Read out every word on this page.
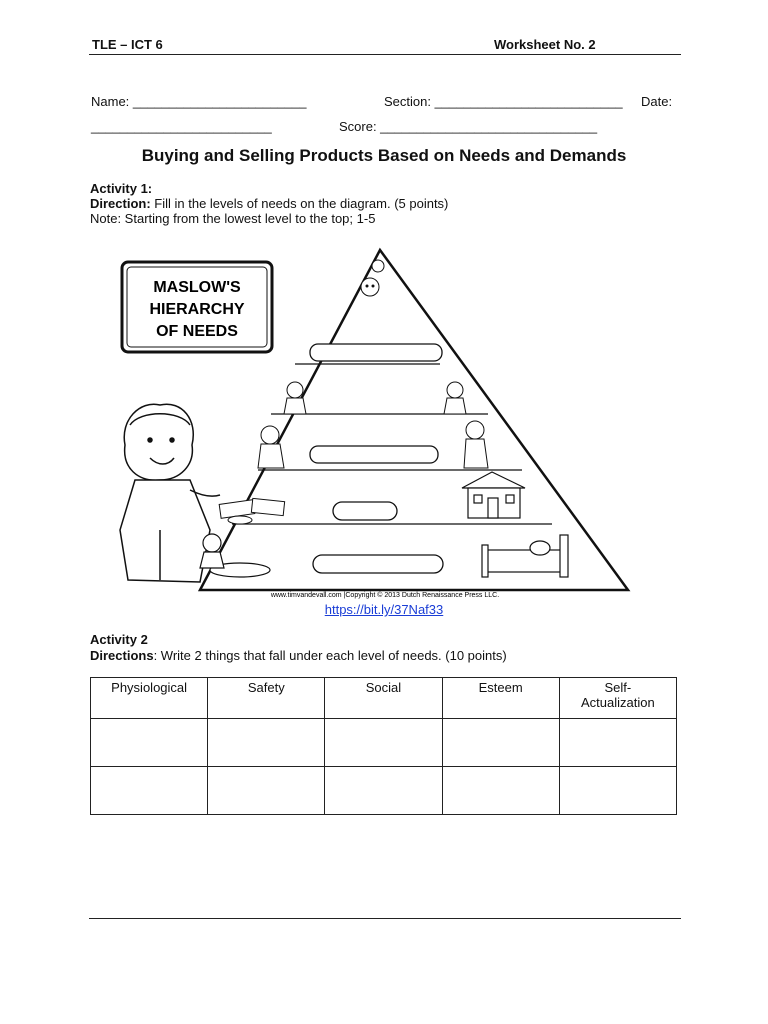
TLE – ICT 6	Worksheet No. 2
Name: ________________________	Section: __________________________ Date:
_________________________	Score: ______________________________
Buying and Selling Products Based on Needs and Demands
Activity 1:
Direction: Fill in the levels of needs on the diagram. (5 points)
Note: Starting from the lowest level to the top; 1-5
MASLOW'S
HIERARCHY
OF NEEDS
www.timvandevall.com |Copyright © 2013 Dutch Renaissance Press LLC.
https://bit.ly/37Naf33
Activity 2
Directions: Write 2 things that fall under each level of needs. (10 points)
Physiological	Safety	Social	Esteem	Self-
Actualization
